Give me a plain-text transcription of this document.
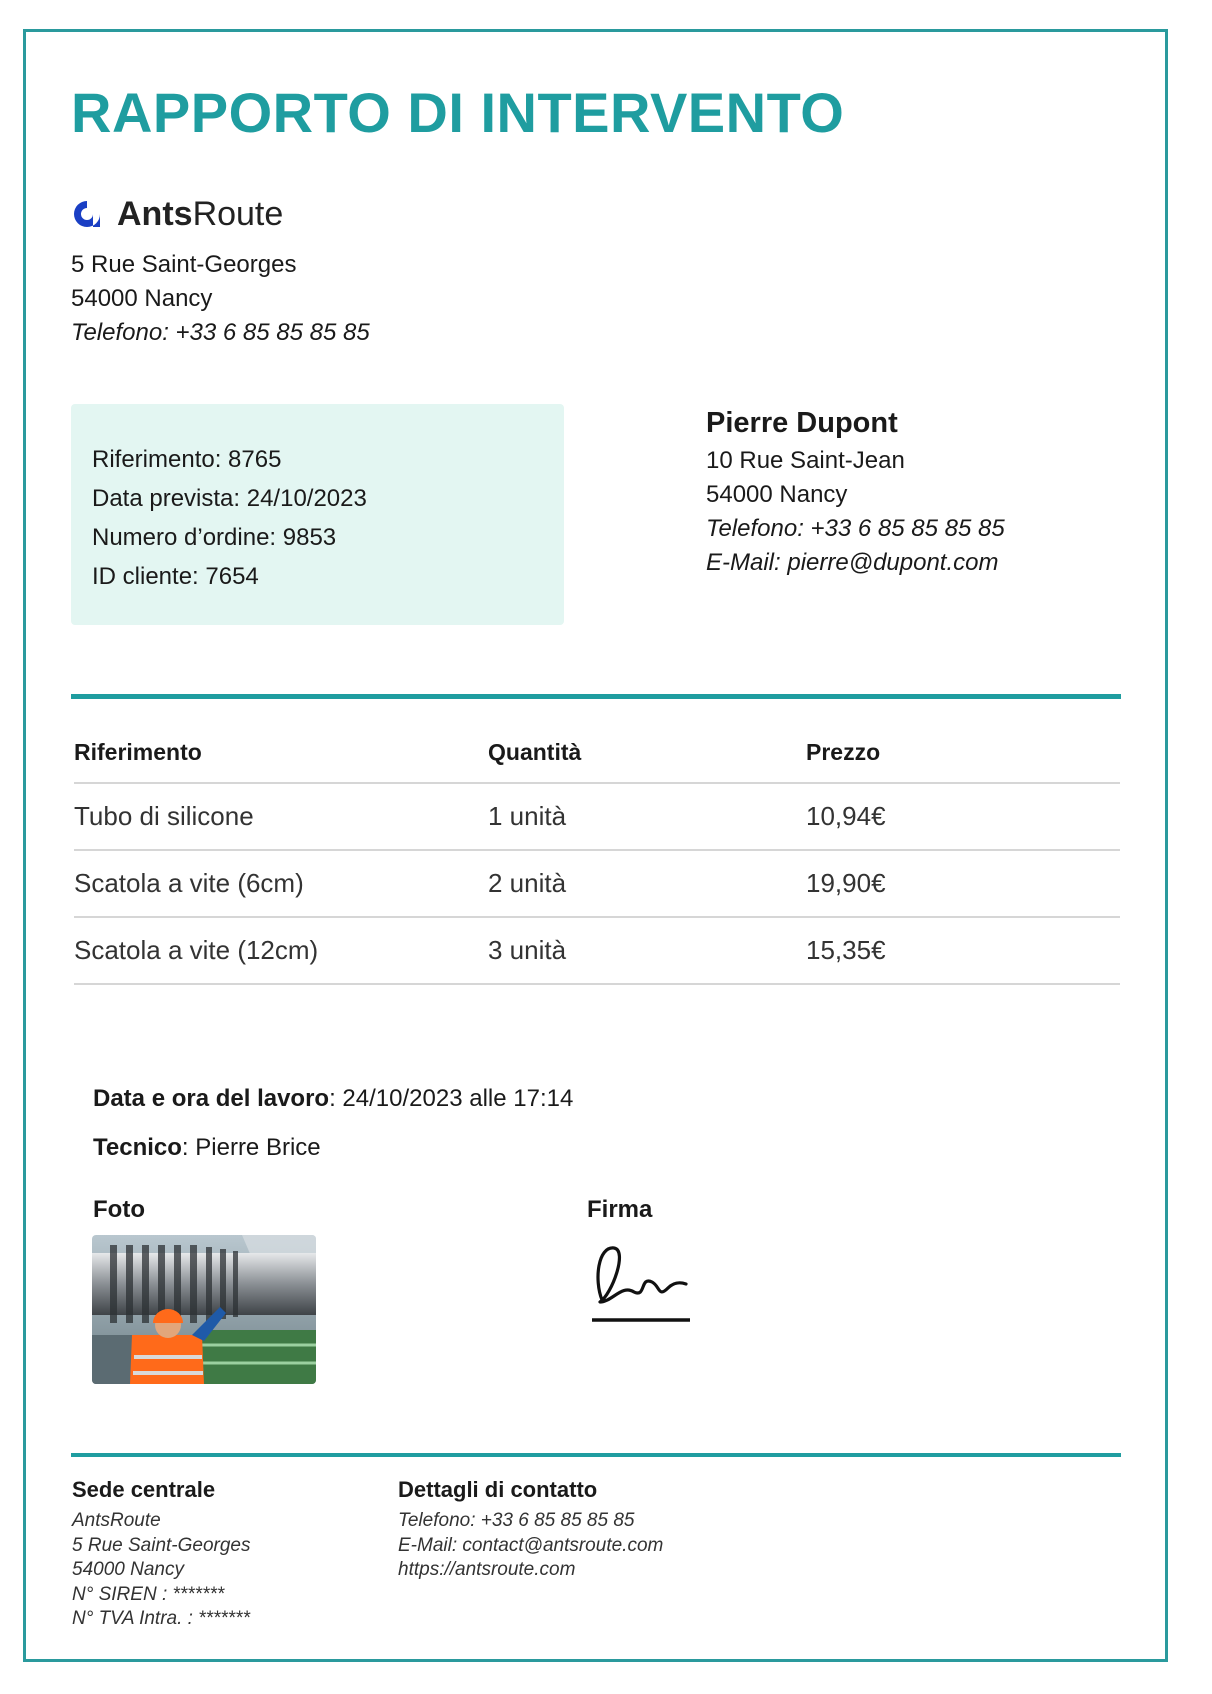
RAPPORTO DI INTERVENTO
AntsRoute
5 Rue Saint-Georges
54000 Nancy
Telefono: +33 6 85 85 85 85
Riferimento: 8765
Data prevista: 24/10/2023
Numero d’ordine: 9853
ID cliente: 7654
Pierre Dupont
10 Rue Saint-Jean
54000 Nancy
Telefono: +33 6 85 85 85 85
E-Mail: pierre@dupont.com
Riferimento	Quantità	Prezzo
Tubo di silicone	1 unità	10,94€
Scatola a vite (6cm)	2 unità	19,90€
Scatola a vite (12cm)	3 unità	15,35€
Data e ora del lavoro: 24/10/2023 alle 17:14
Tecnico: Pierre Brice
Foto	Firma
Sede centrale
AntsRoute
5 Rue Saint-Georges
54000 Nancy
N° SIREN : *******
N° TVA Intra. : *******
Dettagli di contatto
Telefono: +33 6 85 85 85 85
E-Mail: contact@antsroute.com
https://antsroute.com
